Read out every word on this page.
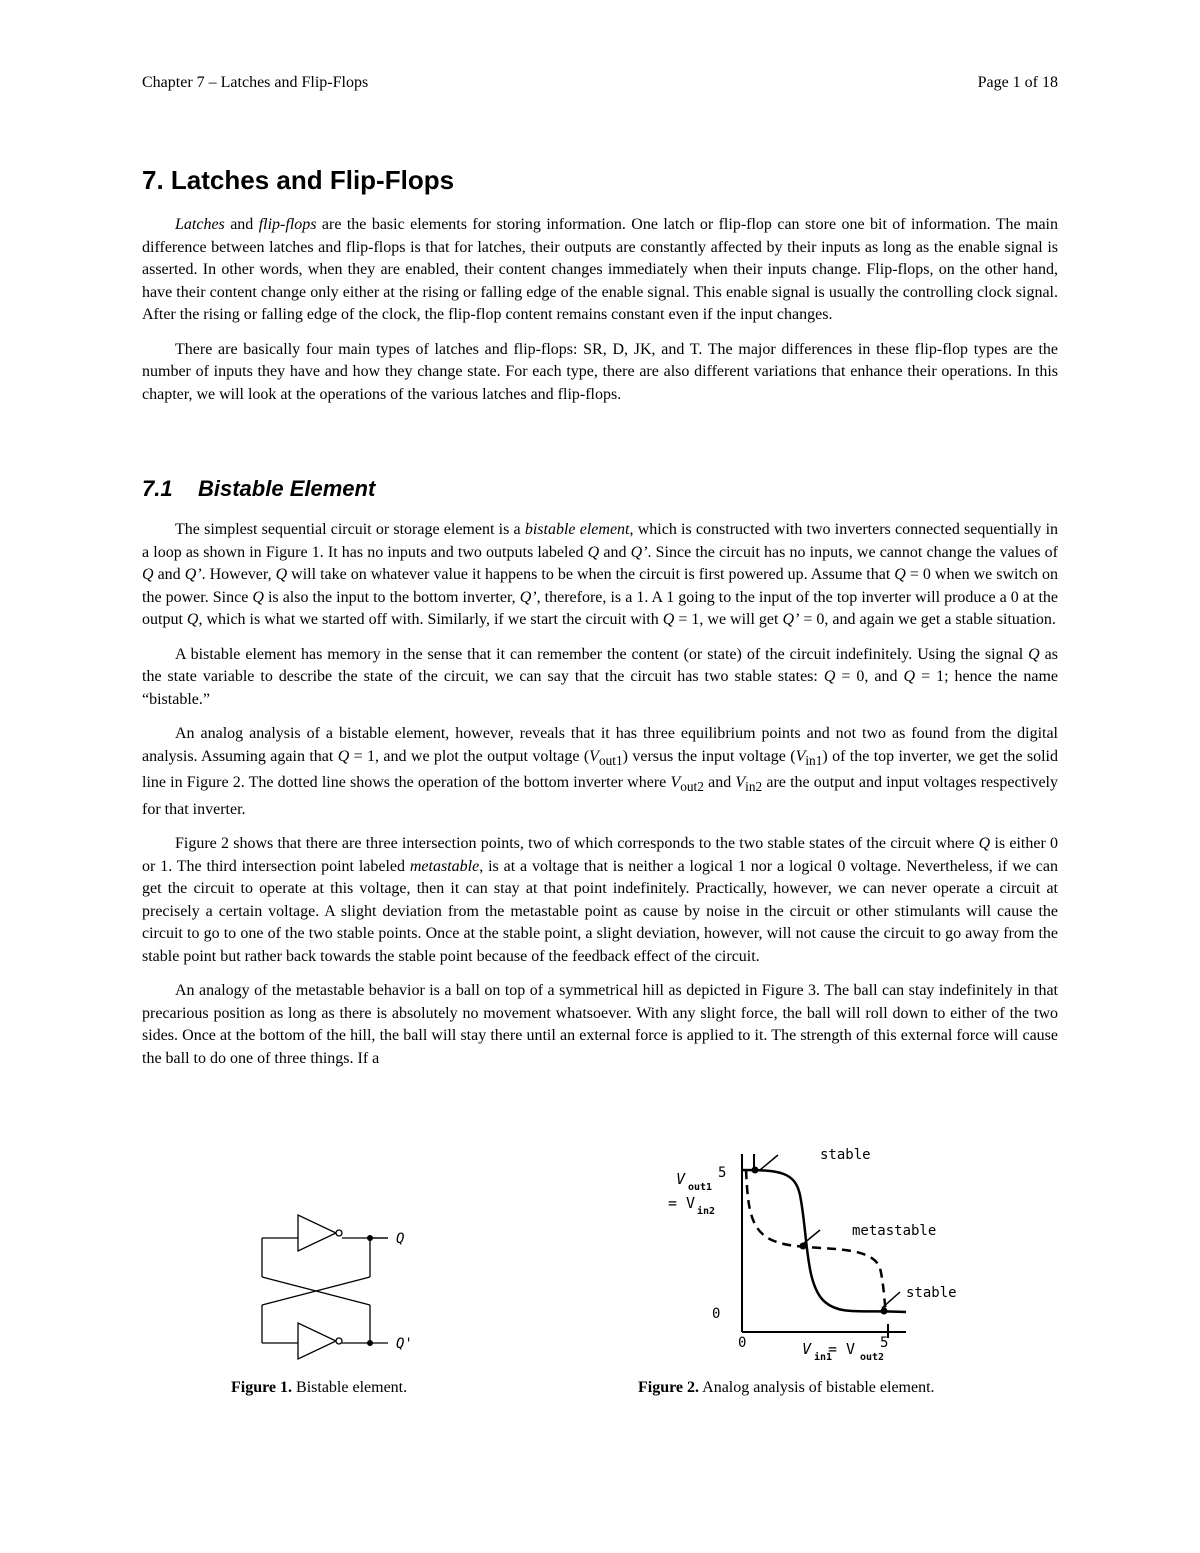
Chapter 7 – Latches and Flip-Flops	Page 1 of 18
7. Latches and Flip-Flops

Latches and flip-flops are the basic elements for storing information. One latch or flip-flop can store one bit of information. The main difference between latches and flip-flops is that for latches, their outputs are constantly affected by their inputs as long as the enable signal is asserted. In other words, when they are enabled, their content changes immediately when their inputs change. Flip-flops, on the other hand, have their content change only either at the rising or falling edge of the enable signal. This enable signal is usually the controlling clock signal. After the rising or falling edge of the clock, the flip-flop content remains constant even if the input changes.

There are basically four main types of latches and flip-flops: SR, D, JK, and T. The major differences in these flip-flop types are the number of inputs they have and how they change state. For each type, there are also different variations that enhance their operations. In this chapter, we will look at the operations of the various latches and flip-flops.

7.1 Bistable Element

The simplest sequential circuit or storage element is a bistable element, which is constructed with two inverters connected sequentially in a loop as shown in Figure 1. It has no inputs and two outputs labeled Q and Q’. Since the circuit has no inputs, we cannot change the values of Q and Q’. However, Q will take on whatever value it happens to be when the circuit is first powered up. Assume that Q = 0 when we switch on the power. Since Q is also the input to the bottom inverter, Q’, therefore, is a 1. A 1 going to the input of the top inverter will produce a 0 at the output Q, which is what we started off with. Similarly, if we start the circuit with Q = 1, we will get Q’ = 0, and again we get a stable situation.

A bistable element has memory in the sense that it can remember the content (or state) of the circuit indefinitely. Using the signal Q as the state variable to describe the state of the circuit, we can say that the circuit has two stable states: Q = 0, and Q = 1; hence the name “bistable.”

An analog analysis of a bistable element, however, reveals that it has three equilibrium points and not two as found from the digital analysis. Assuming again that Q = 1, and we plot the output voltage $(V_{out1})$ versus the input voltage $(V_{in1})$ of the top inverter, we get the solid line in Figure 2. The dotted line shows the operation of the bottom inverter where $V_{out2}$ and $V_{in2}$ are the output and input voltages respectively for that inverter.

Figure 2 shows that there are three intersection points, two of which corresponds to the two stable states of the circuit where Q is either 0 or 1. The third intersection point labeled metastable, is at a voltage that is neither a logical 1 nor a logical 0 voltage. Nevertheless, if we can get the circuit to operate at this voltage, then it can stay at that point indefinitely. Practically, however, we can never operate a circuit at precisely a certain voltage. A slight deviation from the metastable point as cause by noise in the circuit or other stimulants will cause the circuit to go to one of the two stable points. Once at the stable point, a slight deviation, however, will not cause the circuit to go away from the stable point but rather back towards the stable point because of the feedback effect of the circuit.

An analogy of the metastable behavior is a ball on top of a symmetrical hill as depicted in Figure 3. The ball can stay indefinitely in that precarious position as long as there is absolutely no movement whatsoever. With any slight force, the ball will roll down to either of the two sides. Once at the bottom of the hill, the ball will stay there until an external force is applied to it. The strength of this external force will cause the ball to do one of three things. If a

Q
Q'
Figure 1. Bistable element.
stable
metastable
stable
5
0
0	5
V out1
= V in2
V in1
= V out2
Figure 2. Analog analysis of bistable element.
